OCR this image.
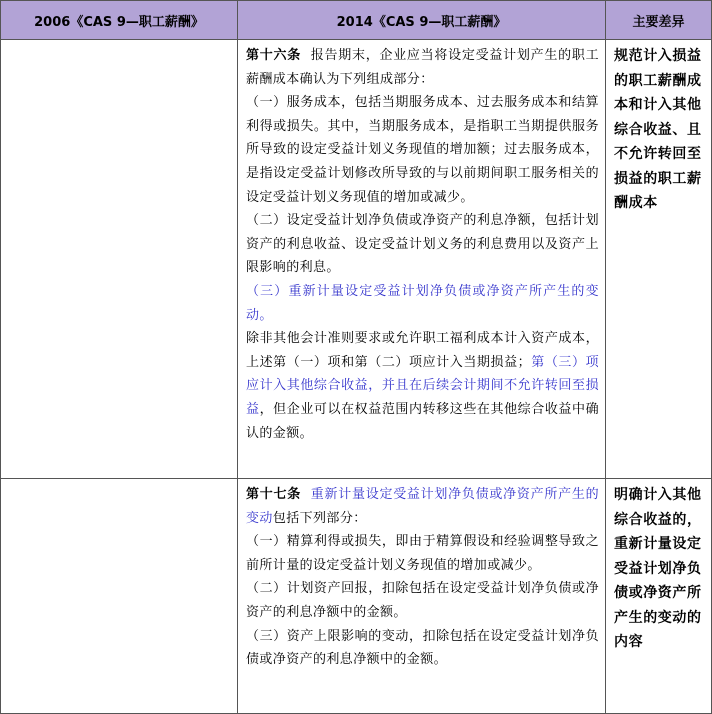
2006《CAS 9—职工薪酬》	2014《CAS 9—职工薪酬》	主要差异

	第十六条 报告期末，企业应当将设定受益计划产生的职工薪酬成本确认为下列组成部分：

（一）服务成本，包括当期服务成本、过去服务成本和结算利得或损失。其中，当期服务成本，是指职工当期提供服务所导致的设定受益计划义务现值的增加额；过去服务成本，是指设定受益计划修改所导致的与以前期间职工服务相关的设定受益计划义务现值的增加或减少。

（二）设定受益计划净负债或净资产的利息净额，包括计划资产的利息收益、设定受益计划义务的利息费用以及资产上限影响的利息。

（三）重新计量设定受益计划净负债或净资产所产生的变动。

除非其他会计准则要求或允许职工福利成本计入资产成本，上述第（一）项和第（二）项应计入当期损益；第（三）项应计入其他综合收益，并且在后续会计期间不允许转回至损益，但企业可以在权益范围内转移这些在其他综合收益中确认的金额。	规范计入损益的职工薪酬成本和计入其他综合收益、且不允许转回至损益的职工薪酬成本

	第十七条 重新计量设定受益计划净负债或净资产所产生的变动包括下列部分：

（一）精算利得或损失，即由于精算假设和经验调整导致之前所计量的设定受益计划义务现值的增加或减少。

（二）计划资产回报，扣除包括在设定受益计划净负债或净资产的利息净额中的金额。

（三）资产上限影响的变动，扣除包括在设定受益计划净负债或净资产的利息净额中的金额。	明确计入其他综合收益的，重新计量设定受益计划净负债或净资产所产生的变动的内容
